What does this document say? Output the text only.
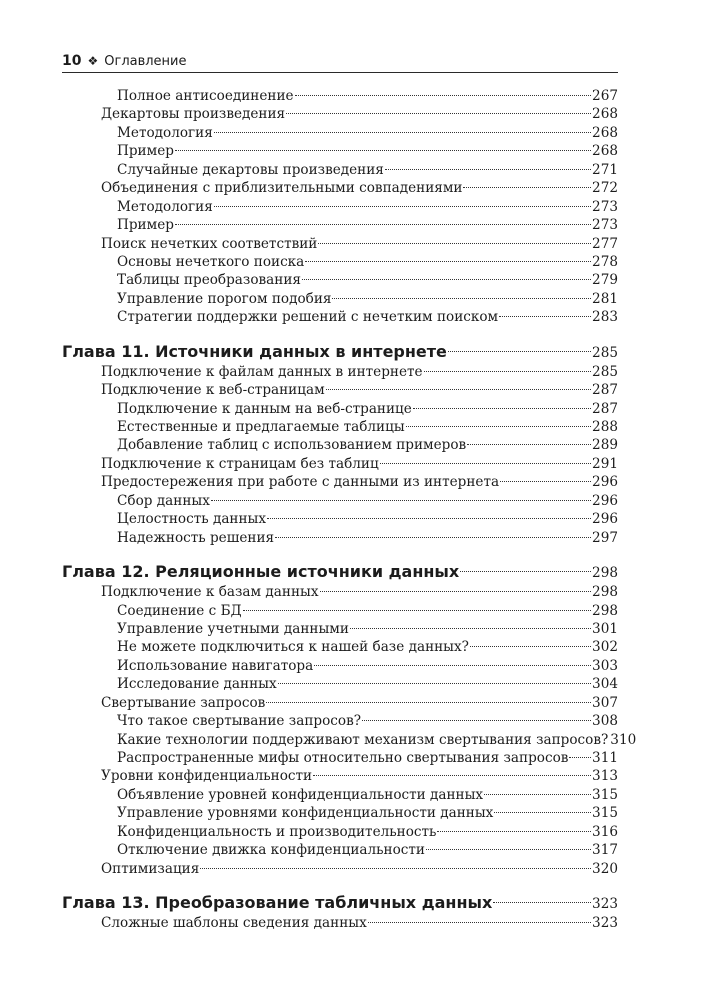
10 ❖ Оглавление
Полное антисоединение	267
Декартовы произведения	268
Методология	268
Пример	268
Случайные декартовы произведения	271
Объединения с приблизительными совпадениями	272
Методология	273
Пример	273
Поиск нечетких соответствий	277
Основы нечеткого поиска	278
Таблицы преобразования	279
Управление порогом подобия	281
Стратегии поддержки решений с нечетким поиском	283
Глава 11. Источники данных в интернете	285
Подключение к файлам данных в интернете	285
Подключение к веб-страницам	287
Подключение к данным на веб-странице	287
Естественные и предлагаемые таблицы	288
Добавление таблиц с использованием примеров	289
Подключение к страницам без таблиц	291
Предостережения при работе с данными из интернета	296
Сбор данных	296
Целостность данных	296
Надежность решения	297
Глава 12. Реляционные источники данных	298
Подключение к базам данных	298
Соединение с БД	298
Управление учетными данными	301
Не можете подключиться к нашей базе данных?	302
Использование навигатора	303
Исследование данных	304
Свертывание запросов	307
Что такое свертывание запросов?	308
Какие технологии поддерживают механизм свертывания запросов? 310
Распространенные мифы относительно свертывания запросов 311
Уровни конфиденциальности	313
Объявление уровней конфиденциальности данных	315
Управление уровнями конфиденциальности данных	315
Конфиденциальность и производительность	316
Отключение движка конфиденциальности	317
Оптимизация	320
Глава 13. Преобразование табличных данных	323
Сложные шаблоны сведения данных	323
